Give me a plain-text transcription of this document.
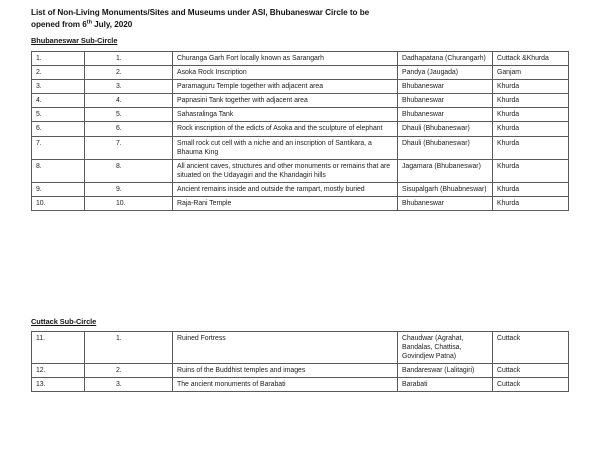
List of Non-Living Monuments/Sites and Museums under ASI, Bhubaneswar Circle to be
opened from 6th July, 2020
Bhubaneswar Sub-Circle
1.	1.	Churanga Garh Fort locally known as Sarangarh	Dadhapatana (Churangarh)	Cuttack &Khurda
2.	2.	Asoka Rock Inscription	Pandya (Jaugada)	Ganjam
3.	3.	Paramaguru Temple together with adjacent area	Bhubaneswar	Khurda
4.	4.	Papnasini Tank together with adjacent area	Bhubaneswar	Khurda
5.	5.	Sahasralinga Tank	Bhubaneswar	Khurda
6.	6.	Rock inscription of the edicts of Asoka and the sculpture of elephant	Dhauli (Bhubaneswar)	Khurda
7.	7.	Small rock cut cell with a niche and an inscription of Santikara, a Bhauma King	Dhauli (Bhubaneswar)	Khurda
8.	8.	All ancient caves, structures and other monuments or remains that are situated on the Udayagiri and the Khandagiri hills	Jagamara (Bhubaneswar)	Khurda
9.	9.	Ancient remains inside and outside the rampart, mostly buried	Sisupalgarh (Bhuabneswar)	Khurda
10.	10.	Raja-Rani Temple	Bhubaneswar	Khurda
Cuttack Sub-Circle
11.	1.	Ruined Fortress	Chaudwar (Agrahat, Bandalas, Chattisa, Govindjew Patna)	Cuttack
12.	2.	Ruins of the Buddhist temples and images	Bandareswar (Lalitagiri)	Cuttack
13.	3.	The ancient monuments of Barabati	Barabati	Cuttack
